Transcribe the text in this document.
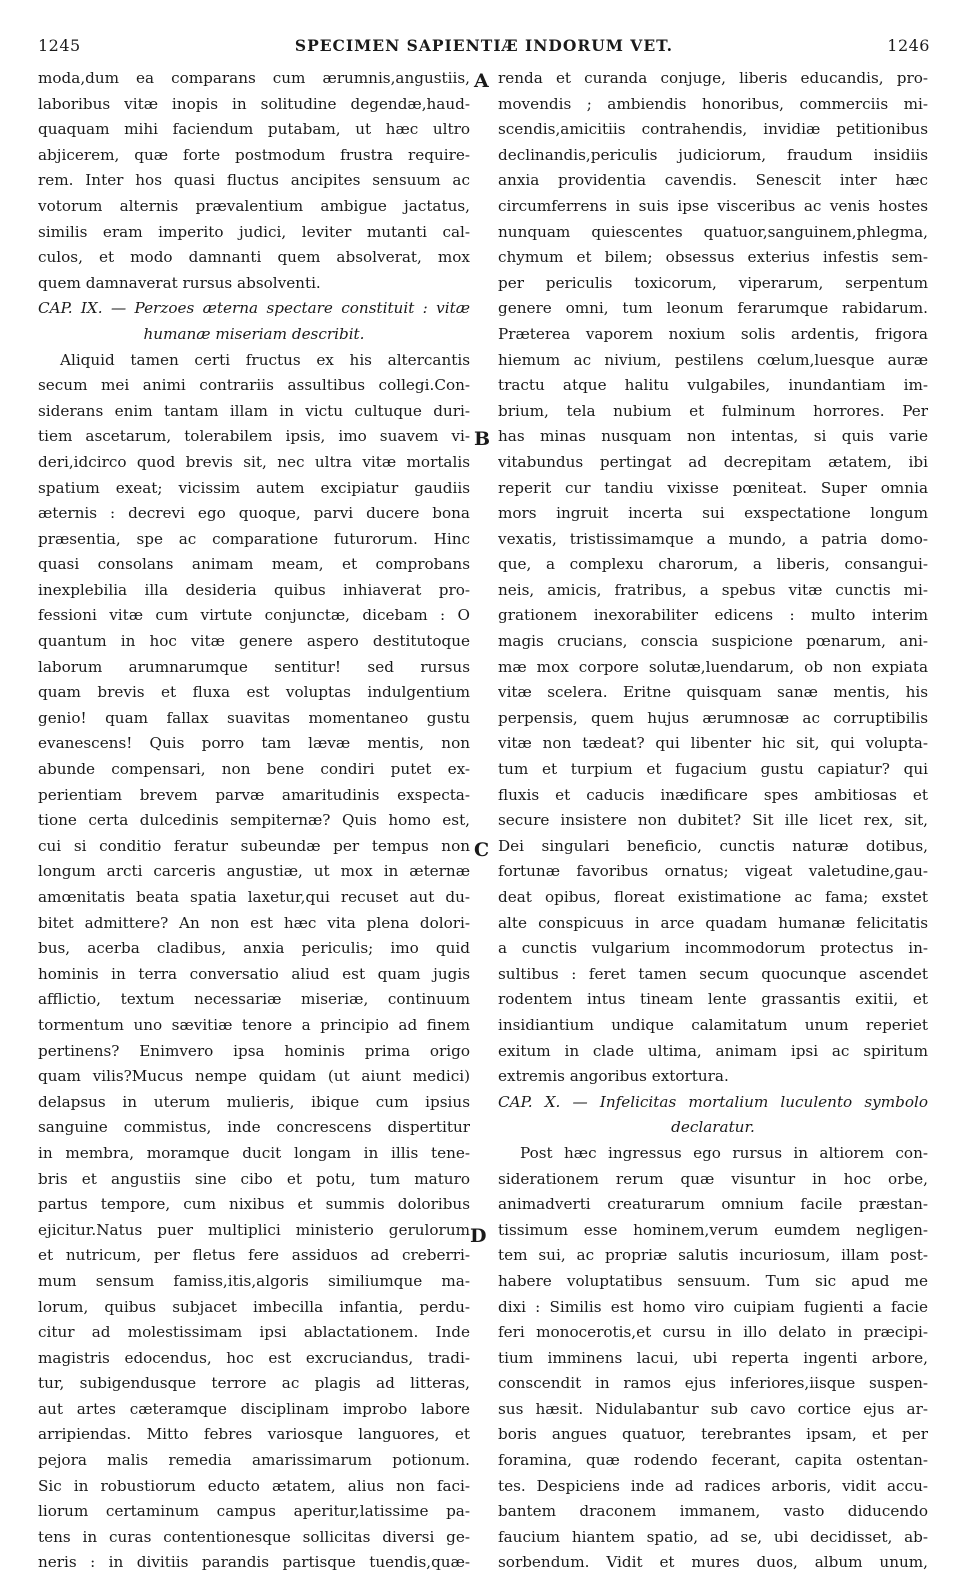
1245	SPECIMEN SAPIENTIÆ INDORUM VET.	1246
moda,dum ea comparans cum ærumnis,angustiis,
laboribus vitæ inopis in solitudine degendæ,haud-
quaquam mihi faciendum putabam, ut hæc ultro
abjicerem, quæ forte postmodum frustra require-
rem. Inter hos quasi fluctus ancipites sensuum ac
votorum alternis prævalentium ambigue jactatus,
similis eram imperito judici, leviter mutanti cal-
culos, et modo damnanti quem absolverat, mox
quem damnaverat rursus absolventi.
CAP. IX. — Perzoes æterna spectare constituit : vitæ
humanæ miseriam describit.
Aliquid tamen certi fructus ex his altercantis
secum mei animi contrariis assultibus collegi.Con-
siderans enim tantam illam in victu cultuque duri-
tiem ascetarum, tolerabilem ipsis, imo suavem vi-
deri,idcirco quod brevis sit, nec ultra vitæ mortalis
spatium exeat; vicissim autem excipiatur gaudiis
æternis : decrevi ego quoque, parvi ducere bona
præsentia, spe ac comparatione futurorum. Hinc
quasi consolans animam meam, et comprobans
inexplebilia illa desideria quibus inhiaverat pro-
fessioni vitæ cum virtute conjunctæ, dicebam : O
quantum in hoc vitæ genere aspero destitutoque
laborum arumnarumque sentitur! sed rursus
quam brevis et fluxa est voluptas indulgentium
genio! quam fallax suavitas momentaneo gustu
evanescens! Quis porro tam lævæ mentis, non
abunde compensari, non bene condiri putet ex-
perientiam brevem parvæ amaritudinis exspecta-
tione certa dulcedinis sempiternæ? Quis homo est,
cui si conditio feratur subeundæ per tempus non
longum arcti carceris angustiæ, ut mox in æternæ
amœnitatis beata spatia laxetur,qui recuset aut du-
bitet admittere? An non est hæc vita plena dolori-
bus, acerba cladibus, anxia periculis; imo quid
hominis in terra conversatio aliud est quam jugis
afflictio, textum necessariæ miseriæ, continuum
tormentum uno sævitiæ tenore a principio ad finem
pertinens? Enimvero ipsa hominis prima origo
quam vilis?Mucus nempe quidam (ut aiunt medici)
delapsus in uterum mulieris, ibique cum ipsius
sanguine commistus, inde concrescens dispertitur
in membra, moramque ducit longam in illis tene-
bris et angustiis sine cibo et potu, tum maturo
partus tempore, cum nixibus et summis doloribus
ejicitur.Natus puer multiplici ministerio gerulorum
et nutricum, per fletus fere assiduos ad creberri-
mum sensum famiss,itis,algoris similiumque ma-
lorum, quibus subjacet imbecilla infantia, perdu-
citur ad molestissimam ipsi ablactationem. Inde
magistris edocendus, hoc est excruciandus, tradi-
tur, subigendusque terrore ac plagis ad litteras,
aut artes cæteramque disciplinam improbo labore
arripiendas. Mitto febres variosque languores, et
pejora malis remedia amarissimarum potionum.
Sic in robustiorum educto ætatem, alius non faci-
liorum certaminum campus aperitur,latissime pa-
tens in curas contentionesque sollicitas diversi ge-
neris : in divitiis parandis partisque tuendis,quæ-
renda et curanda conjuge, liberis educandis, pro-
movendis ; ambiendis honoribus, commerciis mi-
scendis,amicitiis contrahendis, invidiæ petitionibus
declinandis,periculis judiciorum, fraudum insidiis
anxia providentia cavendis. Senescit inter hæc
circumferrens in suis ipse visceribus ac venis hostes
nunquam quiescentes quatuor,sanguinem,phlegma,
chymum et bilem; obsessus exterius infestis sem-
per periculis toxicorum, viperarum, serpentum
genere omni, tum leonum ferarumque rabidarum.
Præterea vaporem noxium solis ardentis, frigora
hiemum ac nivium, pestilens cœlum,luesque auræ
tractu atque halitu vulgabiles, inundantiam im-
brium, tela nubium et fulminum horrores. Per
has minas nusquam non intentas, si quis varie
vitabundus pertingat ad decrepitam ætatem, ibi
reperit cur tandiu vixisse pœniteat. Super omnia
mors ingruit incerta sui exspectatione longum
vexatis, tristissimamque a mundo, a patria domo-
que, a complexu charorum, a liberis, consangui-
neis, amicis, fratribus, a spebus vitæ cunctis mi-
grationem inexorabiliter edicens : multo interim
magis crucians, conscia suspicione pœnarum, ani-
mæ mox corpore solutæ,luendarum, ob non expiata
vitæ scelera. Eritne quisquam sanæ mentis, his
perpensis, quem hujus ærumnosæ ac corruptibilis
vitæ non tædeat? qui libenter hic sit, qui volupta-
tum et turpium et fugacium gustu capiatur? qui
fluxis et caducis inædificare spes ambitiosas et
secure insistere non dubitet? Sit ille licet rex, sit,
Dei singulari beneficio, cunctis naturæ dotibus,
fortunæ favoribus ornatus; vigeat valetudine,gau-
deat opibus, floreat existimatione ac fama; exstet
alte conspicuus in arce quadam humanæ felicitatis
a cunctis vulgarium incommodorum protectus in-
sultibus : feret tamen secum quocunque ascendet
rodentem intus tineam lente grassantis exitii, et
insidiantium undique calamitatum unum reperiet
exitum in clade ultima, animam ipsi ac spiritum
extremis angoribus extortura.
CAP. X. — Infelicitas mortalium luculento symbolo
declaratur.
Post hæc ingressus ego rursus in altiorem con-
siderationem rerum quæ visuntur in hoc orbe,
animadverti creaturarum omnium facile præstan-
tissimum esse hominem,verum eumdem negligen-
tem sui, ac propriæ salutis incuriosum, illam post-
habere voluptatibus sensuum. Tum sic apud me
dixi : Similis est homo viro cuipiam fugienti a facie
feri monocerotis,et cursu in illo delato in præcipi-
tium imminens lacui, ubi reperta ingenti arbore,
conscendit in ramos ejus inferiores,iisque suspen-
sus hæsit. Nidulabantur sub cavo cortice ejus ar-
boris angues quatuor, terebrantes ipsam, et per
foramina, quæ rodendo fecerant, capita ostentan-
tes. Despiciens inde ad radices arboris, vidit accu-
bantem draconem immanem, vasto diducendo
faucium hiantem spatio, ad se, ubi decidisset, ab-
sorbendum. Vidit et mures duos, album unum,
A
B
C
D
